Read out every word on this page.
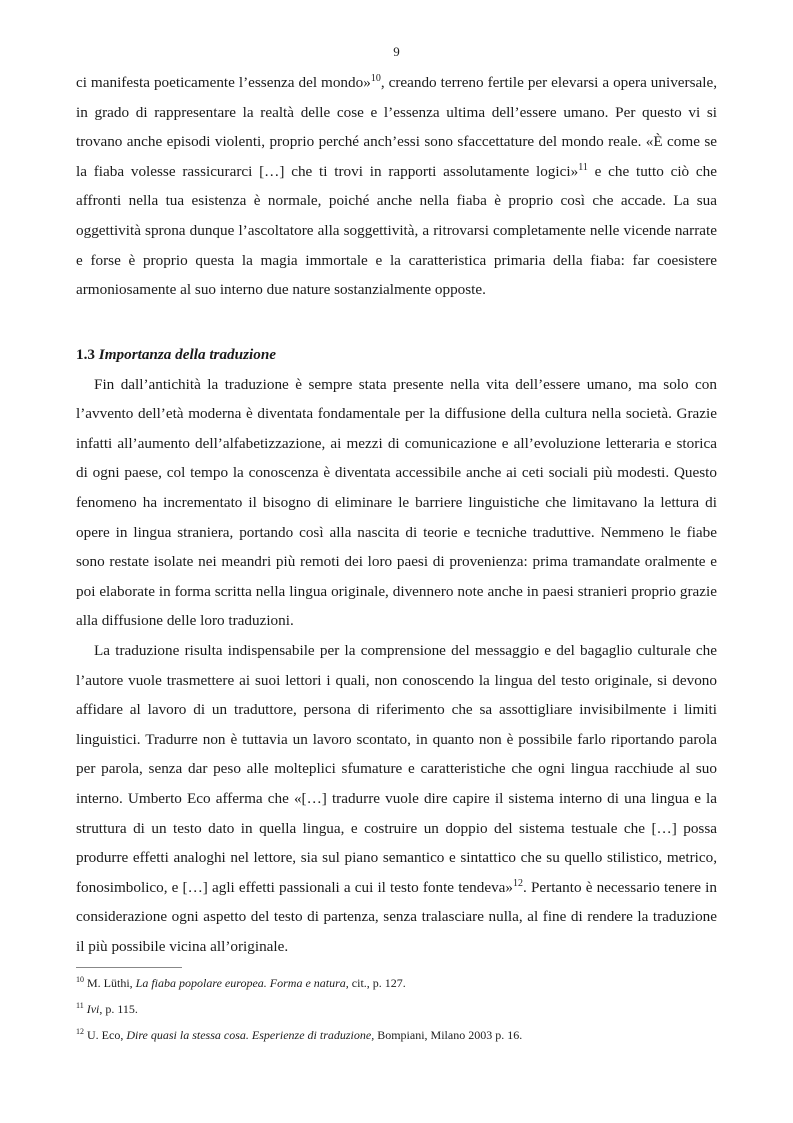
9

ci manifesta poeticamente l’essenza del mondo»$^{10}$, creando terreno fertile per elevarsi a opera universale, in grado di rappresentare la realtà delle cose e l’essenza ultima dell’essere umano. Per questo vi si trovano anche episodi violenti, proprio perché anch’essi sono sfaccettature del mondo reale. «È come se la fiaba volesse rassicurarci […] che ti trovi in rapporti assolutamente logici»$^{11}$ e che tutto ciò che affronti nella tua esistenza è normale, poiché anche nella fiaba è proprio così che accade. La sua oggettività sprona dunque l’ascoltatore alla soggettività, a ritrovarsi completamente nelle vicende narrate e forse è proprio questa la magia immortale e la caratteristica primaria della fiaba: far coesistere armoniosamente al suo interno due nature sostanzialmente opposte.

1.3 Importanza della traduzione

Fin dall’antichità la traduzione è sempre stata presente nella vita dell’essere umano, ma solo con l’avvento dell’età moderna è diventata fondamentale per la diffusione della cultura nella società. Grazie infatti all’aumento dell’alfabetizzazione, ai mezzi di comunicazione e all’evoluzione letteraria e storica di ogni paese, col tempo la conoscenza è diventata accessibile anche ai ceti sociali più modesti. Questo fenomeno ha incrementato il bisogno di eliminare le barriere linguistiche che limitavano la lettura di opere in lingua straniera, portando così alla nascita di teorie e tecniche traduttive. Nemmeno le fiabe sono restate isolate nei meandri più remoti dei loro paesi di provenienza: prima tramandate oralmente e poi elaborate in forma scritta nella lingua originale, divennero note anche in paesi stranieri proprio grazie alla diffusione delle loro traduzioni.

La traduzione risulta indispensabile per la comprensione del messaggio e del bagaglio culturale che l’autore vuole trasmettere ai suoi lettori i quali, non conoscendo la lingua del testo originale, si devono affidare al lavoro di un traduttore, persona di riferimento che sa assottigliare invisibilmente i limiti linguistici. Tradurre non è tuttavia un lavoro scontato, in quanto non è possibile farlo riportando parola per parola, senza dar peso alle molteplici sfumature e caratteristiche che ogni lingua racchiude al suo interno. Umberto Eco afferma che «[…] tradurre vuole dire capire il sistema interno di una lingua e la struttura di un testo dato in quella lingua, e costruire un doppio del sistema testuale che […] possa produrre effetti analoghi nel lettore, sia sul piano semantico e sintattico che su quello stilistico, metrico, fonosimbolico, e […] agli effetti passionali a cui il testo fonte tendeva»$^{12}$. Pertanto è necessario tenere in considerazione ogni aspetto del testo di partenza, senza tralasciare nulla, al fine di rendere la traduzione il più possibile vicina all’originale.

$^{10}$ M. Lüthi, La fiaba popolare europea. Forma e natura, cit., p. 127.

$^{11}$ Ivi, p. 115.

$^{12}$ U. Eco, Dire quasi la stessa cosa. Esperienze di traduzione, Bompiani, Milano 2003 p. 16.
